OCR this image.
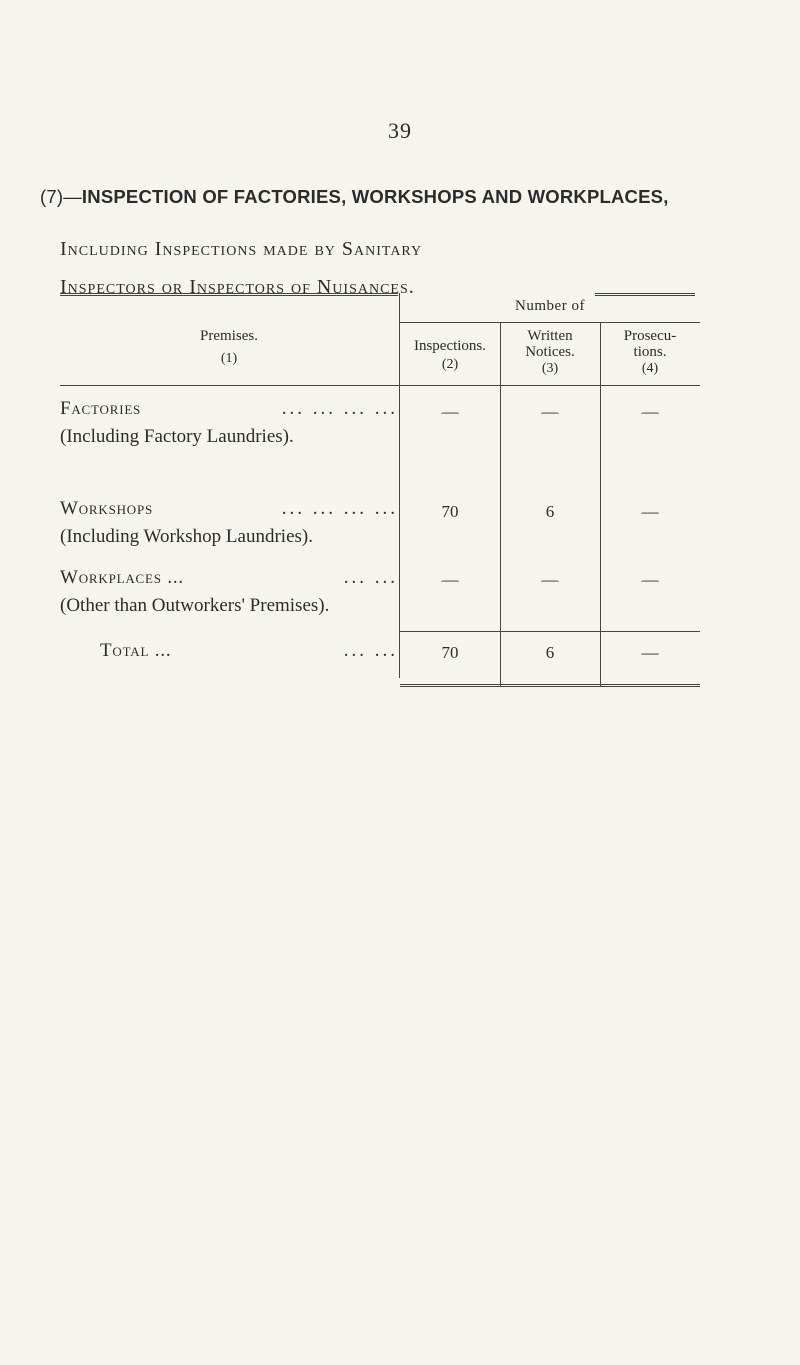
39
(7)—INSPECTION OF FACTORIES, WORKSHOPS AND WORKPLACES,
Including Inspections made by Sanitary
Inspectors or Inspectors of Nuisances.
Number of
Premises.
(1)
Inspections.
(2)
Written
Notices.
(3)
Prosecu-
tions.
(4)
Factories	... ... ... ...
(Including Factory Laundries).
—	—	—
Workshops	... ... ... ...
(Including Workshop Laundries).
70	6	—
Workplaces ...	... ...
(Other than Outworkers' Premises).
—	—	—
Total ...	... ...	70	6	—
